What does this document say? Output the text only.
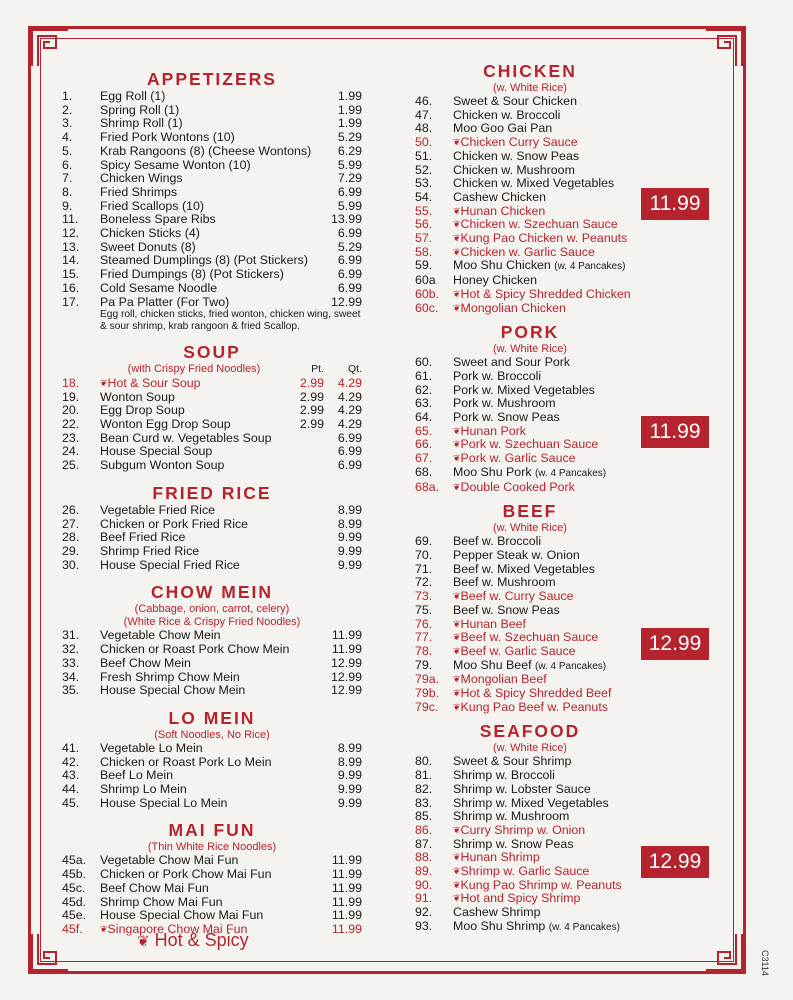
APPETIZERS
1.	Egg Roll (1)	1.99
2.	Spring Roll (1)	1.99
3.	Shrimp Roll (1)	1.99
4.	Fried Pork Wontons (10)	5.29
5.	Krab Rangoons (8) (Cheese Wontons)	6.29
6.	Spicy Sesame Wonton (10)	5.99
7.	Chicken Wings	7.29
8.	Fried Shrimps	6.99
9.	Fried Scallops (10)	5.99
11.	Boneless Spare Ribs	13.99
12.	Chicken Sticks (4)	6.99
13.	Sweet Donuts (8)	5.29
14.	Steamed Dumplings (8) (Pot Stickers)	6.99
15.	Fried Dumpings (8) (Pot Stickers)	6.99
16.	Cold Sesame Noodle	6.99
17.	Pa Pa Platter (For Two)	12.99
Egg roll, chicken sticks, fried wonton, chicken wing, sweet & sour shrimp, krab rangoon & fried Scallop.
SOUP
(with Crispy Fried Noodles)	Pt.	Qt.
18.	❦ Hot & Sour Soup	2.99	4.29
19.	Wonton Soup	2.99	4.29
20.	Egg Drop Soup	2.99	4.29
22.	Wonton Egg Drop Soup	2.99	4.29
23.	Bean Curd w. Vegetables Soup	6.99
24.	House Special Soup	6.99
25.	Subgum Wonton Soup	6.99
FRIED RICE
26.	Vegetable Fried Rice	8.99
27.	Chicken or Pork Fried Rice	8.99
28.	Beef Fried Rice	9.99
29.	Shrimp Fried Rice	9.99
30.	House Special Fried Rice	9.99
CHOW MEIN
(Cabbage, onion, carrot, celery)
(White Rice & Crispy Fried Noodles)
31.	Vegetable Chow Mein	11.99
32.	Chicken or Roast Pork Chow Mein	11.99
33.	Beef Chow Mein	12.99
34.	Fresh Shrimp Chow Mein	12.99
35.	House Special Chow Mein	12.99
LO MEIN
(Soft Noodles, No Rice)
41.	Vegetable Lo Mein	8.99
42.	Chicken or Roast Pork Lo Mein	8.99
43.	Beef Lo Mein	9.99
44.	Shrimp Lo Mein	9.99
45.	House Special Lo Mein	9.99
MAI FUN
(Thin White Rice Noodles)
45a.	Vegetable Chow Mai Fun	11.99
45b.	Chicken or Pork Chow Mai Fun	11.99
45c.	Beef Chow Mai Fun	11.99
45d.	Shrimp Chow Mai Fun	11.99
45e.	House Special Chow Mai Fun	11.99
45f.	❦ Singapore Chow Mai Fun	11.99
❦ Hot & Spicy
CHICKEN
(w. White Rice)
46.	Sweet & Sour Chicken
47.	Chicken w. Broccoli
48.	Moo Goo Gai Pan
50.	❦ Chicken Curry Sauce
51.	Chicken w. Snow Peas
52.	Chicken w. Mushroom
53.	Chicken w. Mixed Vegetables
54.	Cashew Chicken
55.	❦ Hunan Chicken
56.	❦ Chicken w. Szechuan Sauce
57.	❦ Kung Pao Chicken w. Peanuts
58.	❦ Chicken w. Garlic Sauce
59.	Moo Shu Chicken (w. 4 Pancakes)
60a	Honey Chicken
60b.	❦ Hot & Spicy Shredded Chicken
60c.	❦ Mongolian Chicken
PORK
(w. White Rice)
60.	Sweet and Sour Pork
61.	Pork w. Broccoli
62.	Pork w. Mixed Vegetables
63.	Pork w. Mushroom
64.	Pork w. Snow Peas
65.	❦ Hunan Pork
66.	❦ Pork w. Szechuan Sauce
67.	❦ Pork w. Garlic Sauce
68.	Moo Shu Pork (w. 4 Pancakes)
68a.	❦ Double Cooked Pork
BEEF
(w. White Rice)
69.	Beef w. Broccoli
70.	Pepper Steak w. Onion
71.	Beef w. Mixed Vegetables
72.	Beef w. Mushroom
73.	❦ Beef w. Curry Sauce
75.	Beef w. Snow Peas
76.	❦ Hunan Beef
77.	❦ Beef w. Szechuan Sauce
78.	❦ Beef w. Garlic Sauce
79.	Moo Shu Beef (w. 4 Pancakes)
79a.	❦ Mongolian Beef
79b.	❦ Hot & Spicy Shredded Beef
79c.	❦ Kung Pao Beef w. Peanuts
SEAFOOD
(w. White Rice)
80.	Sweet & Sour Shrimp
81.	Shrimp w. Broccoli
82.	Shrimp w. Lobster Sauce
83.	Shrimp w. Mixed Vegetables
85.	Shrimp w. Mushroom
86.	❦ Curry Shrimp w. Onion
87.	Shrimp w. Snow Peas
88.	❦ Hunan Shrimp
89.	❦ Shrimp w. Garlic Sauce
90.	❦ Kung Pao Shrimp w. Peanuts
91.	❦ Hot and Spicy Shrimp
92.	Cashew Shrimp
93.	Moo Shu Shrimp (w. 4 Pancakes)
11.99
11.99
12.99
12.99
C3114
